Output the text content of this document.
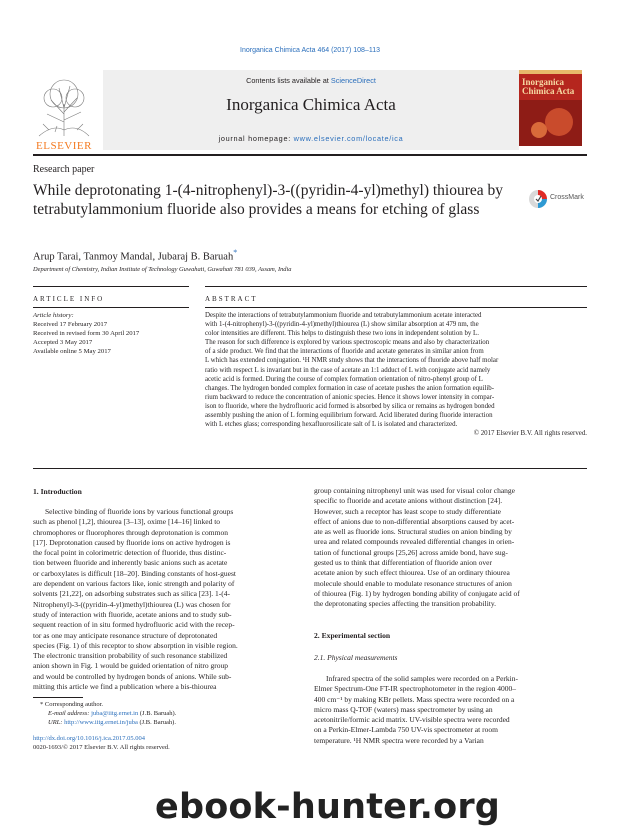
Inorganica Chimica Acta 464 (2017) 108–113
ELSEVIER
Contents lists available at ScienceDirect
Inorganica Chimica Acta
journal homepage: www.elsevier.com/locate/ica
Inorganica
Chimica Acta
Research paper
While deprotonating 1-(4-nitrophenyl)-3-((pyridin-4-yl)methyl) thiourea by tetrabutylammonium fluoride also provides a means for etching of glass
CrossMark
Arup Tarai, Tanmoy Mandal, Jubaraj B. Baruah*
Department of Chemistry, Indian Institute of Technology Guwahati, Guwahati 781 039, Assam, India
ARTICLE INFO	ABSTRACT
Article history:
Received 17 February 2017
Received in revised form 30 April 2017
Accepted 3 May 2017
Available online 5 May 2017
Despite the interactions of tetrabutylammonium fluoride and tetrabutylammonium acetate interacted
with 1-(4-nitrophenyl)-3-((pyridin-4-yl)methyl)thiourea (L) show similar absorption at 479 nm, the
color intensities are different. This helps to distinguish these two ions in independent solution by L.
The reason for such difference is explored by various spectroscopic means and also by characterization
of a side product. We find that the interactions of fluoride and acetate generates in similar anion from
L which has extended conjugation. ¹H NMR study shows that the interactions of fluoride above half molar
ratio with respect L is invariant but in the case of acetate an 1:1 adduct of L with conjugate acid namely
acetic acid is formed. During the course of complex formation orientation of nitro-phenyl group of L
changes. The hydrogen bonded complex formation in case of acetate pushes the anion formation equilib-
rium backward to reduce the concentration of anionic species. Hence it shows lower intensity in compar-
ison to fluoride, where the hydrofluoric acid formed is absorbed by silica or remains as hydrogen bonded
assembly pushing the anion of L forming equilibrium forward. Acid liberated during fluoride interaction
with L etches glass; corresponding hexafluorosilicate salt of L is isolated and characterized.
© 2017 Elsevier B.V. All rights reserved.
1. Introduction
Selective binding of fluoride ions by various functional groups
such as phenol [1,2], thiourea [3–13], oxime [14–16] linked to
chromophores or fluorophores through deprotonation is common
[17]. Deprotonation caused by fluoride ions on active hydrogen is
the focal point in colorimetric detection of fluoride, thus distinc-
tion between fluoride and inherently basic anions such as acetate
or carboxylates is difficult [18–20]. Binding constants of host-guest
are dependent on various factors like, ionic strength and polarity of
solvents [21,22], on adsorbing substrates such as silica [23]. 1-(4-
Nitrophenyl)-3-((pyridin-4-yl)methyl)thiourea (L) was chosen for
study of interaction with fluoride, acetate anions and to study sub-
sequent reaction of in situ formed hydrofluoric acid with the recep-
tor as one may anticipate resonance structure of deprotonated
species (Fig. 1) of this receptor to show absorption in visible region.
The electronic transition probability of such resonance stabilized
anion shown in Fig. 1 would be guided orientation of nitro group
and would be controlled by hydrogen bonds of anions. While sub-
mitting this article we find a publication where a bis-thiourea
* Corresponding author.
E-mail address: juba@iitg.ernet.in (J.B. Baruah).
URL: http://www.iitg.ernet.in/juba (J.B. Baruah).
http://dx.doi.org/10.1016/j.ica.2017.05.004
0020-1693/© 2017 Elsevier B.V. All rights reserved.
group containing nitrophenyl unit was used for visual color change
specific to fluoride and acetate anions without distinction [24].
However, such a receptor has least scope to study differentiate
effect of anions due to non-differential absorptions caused by acet-
ate as well as fluoride ions. Structural studies on anion binding by
urea and related compounds revealed differential changes in orien-
tation of functional groups [25,26] across amide bond, have sug-
gested us to think that differentiation of fluoride anion over
acetate anion by such effect thiourea. Use of an ordinary thiourea
molecule should enable to modulate resonance structures of anion
of thiourea (Fig. 1) by hydrogen bonding ability of conjugate acid of
the deprotonating species affecting the transition probability.
2. Experimental section
2.1. Physical measurements
Infrared spectra of the solid samples were recorded on a Perkin-
Elmer Spectrum-One FT-IR spectrophotometer in the region 4000–
400 cm⁻¹ by making KBr pellets. Mass spectra were recorded on a
micro mass Q-TOF (waters) mass spectrometer by using an
acetonitrile/formic acid matrix. UV-visible spectra were recorded
on a Perkin-Elmer-Lambda 750 UV-vis spectrometer at room
temperature. ¹H NMR spectra were recorded by a Varian
ebook-hunter.org
